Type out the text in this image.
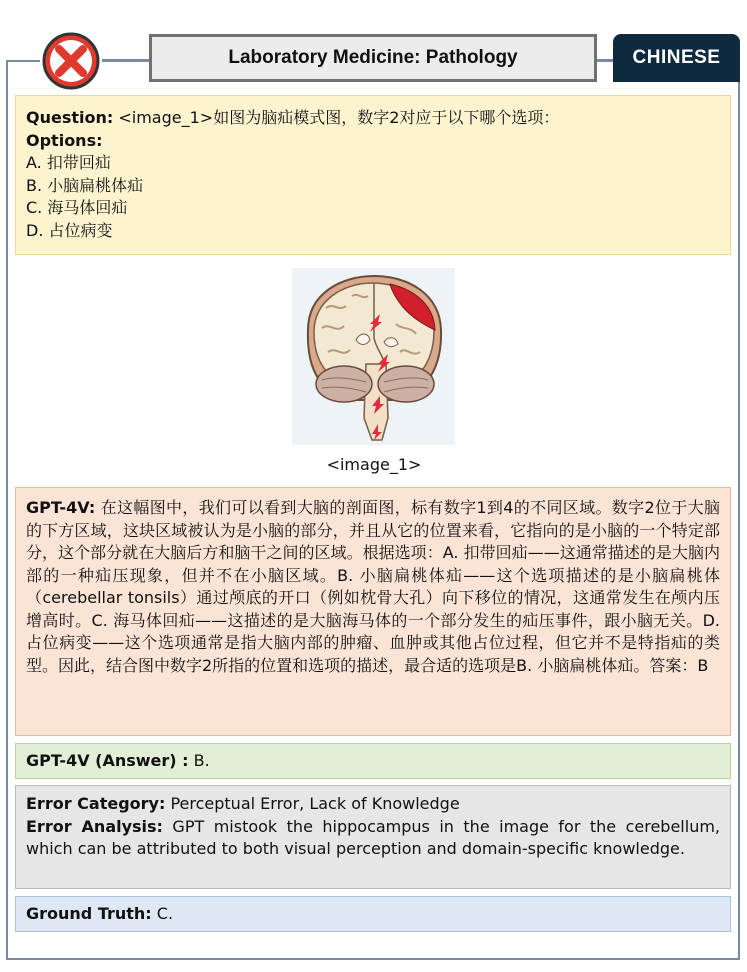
Laboratory Medicine: Pathology	CHINESE
Question: <image_1>如图为脑疝模式图，数字2对应于以下哪个选项：
Options:
A. 扣带回疝
B. 小脑扁桃体疝
C. 海马体回疝
D. 占位病变
<image_1>
GPT-4V: 在这幅图中，我们可以看到大脑的剖面图，标有数字1到4的不同区域。数字2位于大脑的下方区域，这块区域被认为是小脑的部分，并且从它的位置来看，它指向的是小脑的一个特定部分，这个部分就在大脑后方和脑干之间的区域。根据选项：A. 扣带回疝——这通常描述的是大脑内部的一种疝压现象，但并不在小脑区域。B. 小脑扁桃体疝——这个选项描述的是小脑扁桃体（cerebellar tonsils）通过颅底的开口（例如枕骨大孔）向下移位的情况，这通常发生在颅内压增高时。C. 海马体回疝——这描述的是大脑海马体的一个部分发生的疝压事件，跟小脑无关。D. 占位病变——这个选项通常是指大脑内部的肿瘤、血肿或其他占位过程，但它并不是特指疝的类型。因此，结合图中数字2所指的位置和选项的描述，最合适的选项是B. 小脑扁桃体疝。答案：B
GPT-4V (Answer) : B.
Error Category: Perceptual Error, Lack of Knowledge
Error Analysis: GPT mistook the hippocampus in the image for the cerebellum, which can be attributed to both visual perception and domain-specific knowledge.
Ground Truth: C.
